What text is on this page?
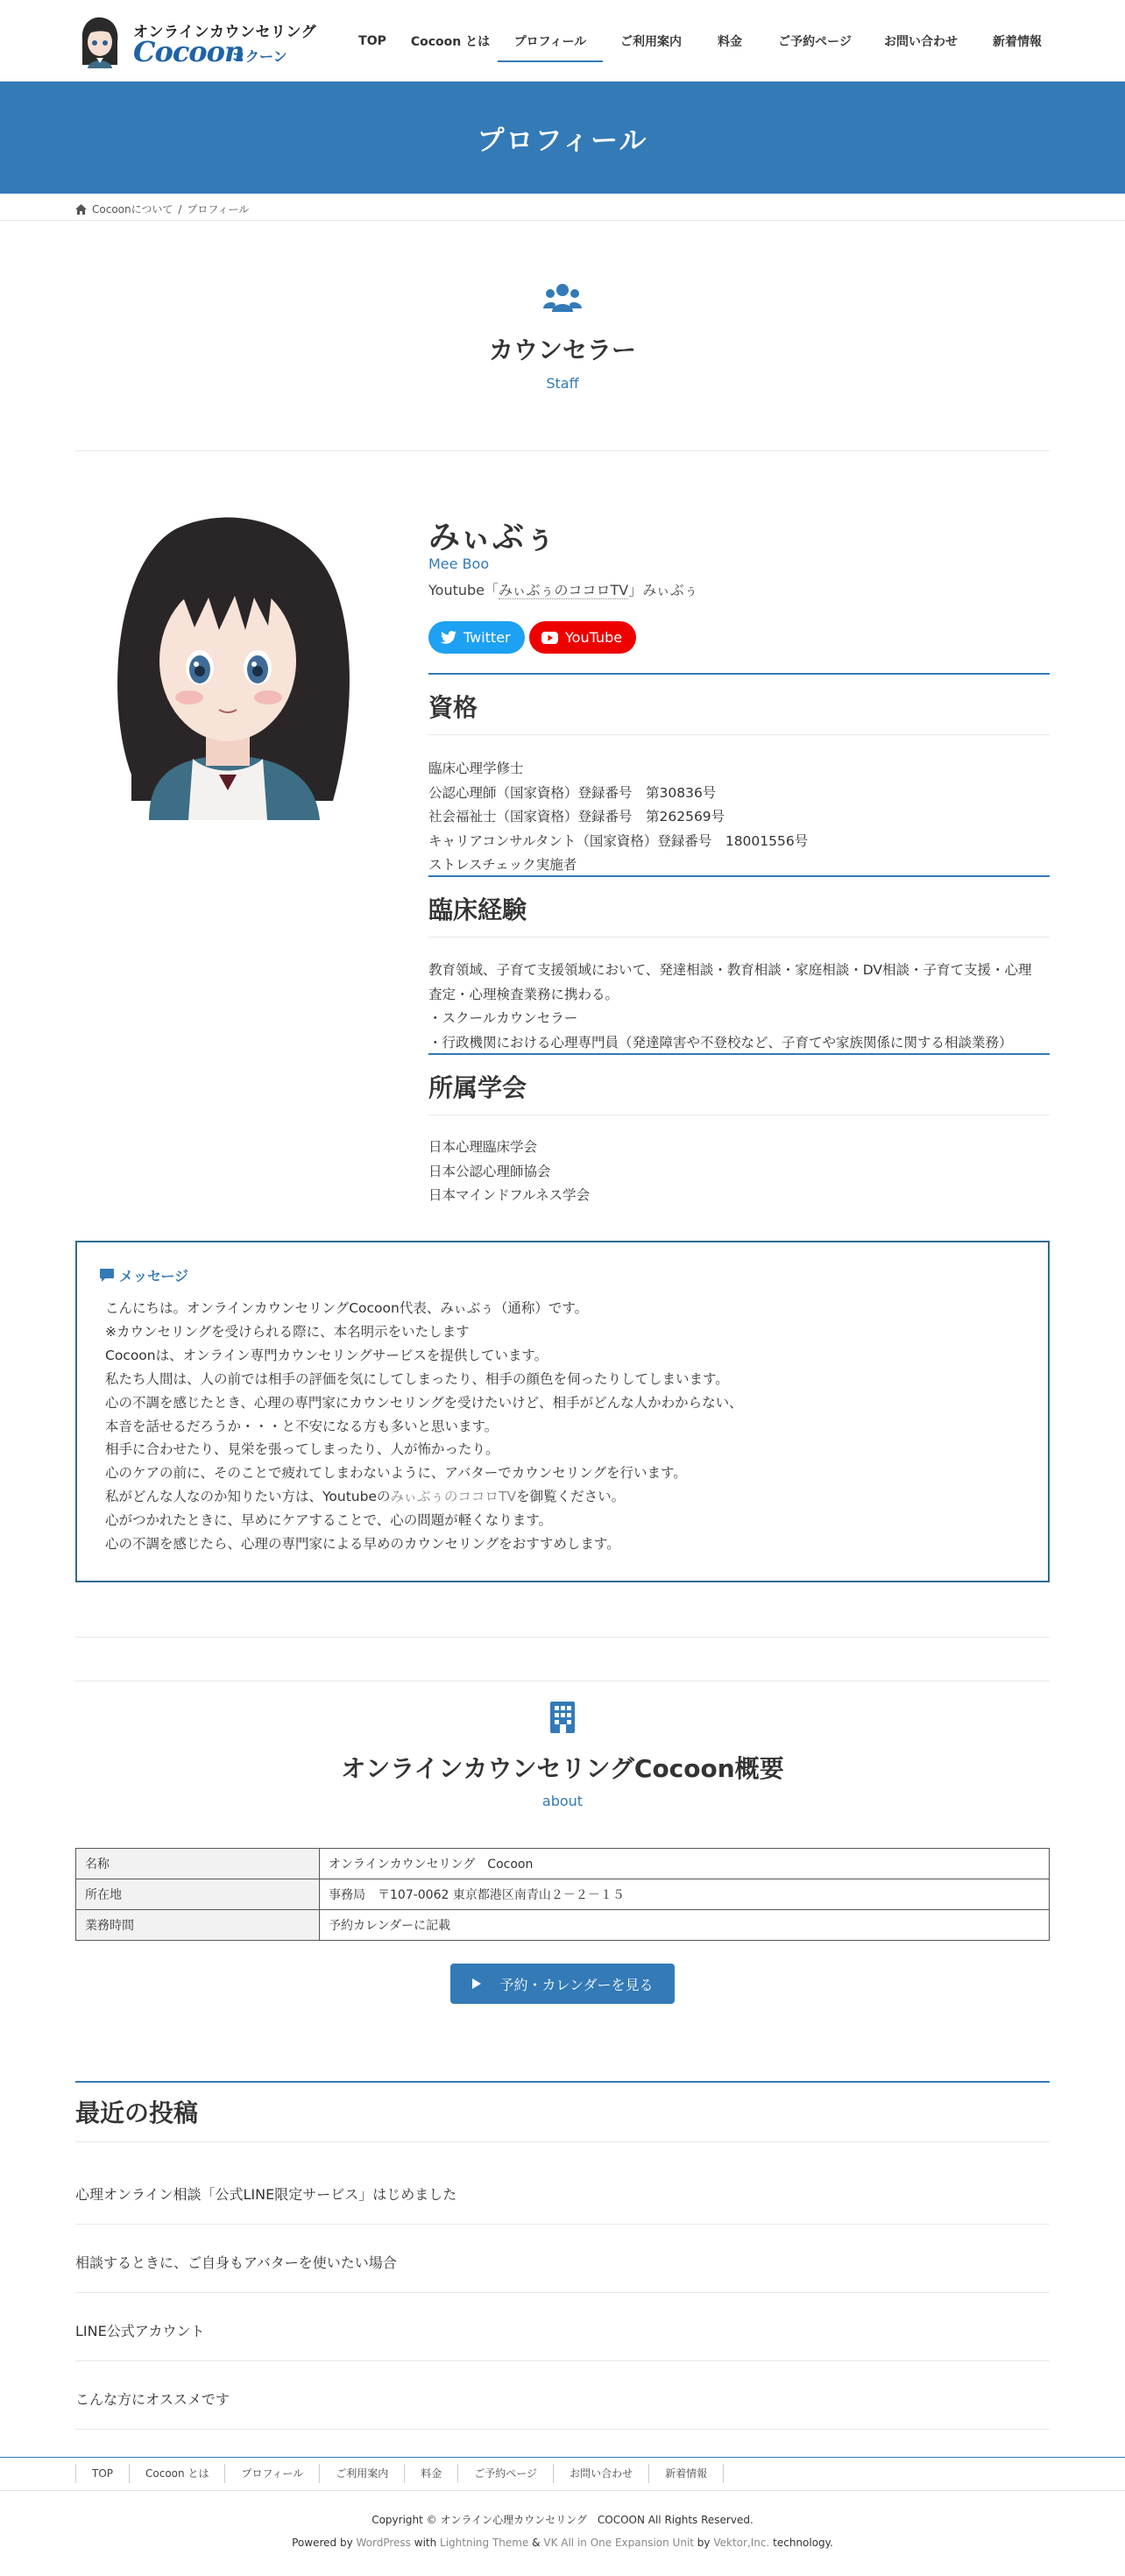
オンラインカウンセリング
Cocoon
コクーン
TOP	Cocoon とは	プロフィール	ご利用案内	料金	ご予約ページ	お問い合わせ	新着情報
プロフィール
Cocoonについて / プロフィール
カウンセラー
Staff
みぃぶぅ
Mee Boo
Youtube「みぃぶぅのココロTV」みぃぶぅ
Twitter	YouTube
資格
臨床心理学修士
公認心理師（国家資格）登録番号　第30836号
社会福祉士（国家資格）登録番号　第262569号
キャリアコンサルタント（国家資格）登録番号　18001556号
ストレスチェック実施者
臨床経験
教育領域、子育て支援領域において、発達相談・教育相談・家庭相談・DV相談・子育て支援・心理
査定・心理検査業務に携わる。
・スクールカウンセラー
・行政機関における心理専門員（発達障害や不登校など、子育てや家族関係に関する相談業務）
所属学会
日本心理臨床学会
日本公認心理師協会
日本マインドフルネス学会
メッセージ
こんにちは。オンラインカウンセリングCocoon代表、みぃぶぅ（通称）です。
※カウンセリングを受けられる際に、本名明示をいたします
Cocoonは、オンライン専門カウンセリングサービスを提供しています。
私たち人間は、人の前では相手の評価を気にしてしまったり、相手の顔色を伺ったりしてしまいます。
心の不調を感じたとき、心理の専門家にカウンセリングを受けたいけど、相手がどんな人かわからない、
本音を話せるだろうか・・・と不安になる方も多いと思います。
相手に合わせたり、見栄を張ってしまったり、人が怖かったり。
心のケアの前に、そのことで疲れてしまわないように、アバターでカウンセリングを行います。
私がどんな人なのか知りたい方は、YoutubeのみぃぶぅのココロTVを御覧ください。
心がつかれたときに、早めにケアすることで、心の問題が軽くなります。
心の不調を感じたら、心理の専門家による早めのカウンセリングをおすすめします。
オンラインカウンセリングCocoon概要
about
名称	オンラインカウンセリング　Cocoon
所在地	事務局　〒107-0062 東京都港区南青山２－２－１５
業務時間	予約カレンダーに記載
予約・カレンダーを見る
最近の投稿
心理オンライン相談「公式LINE限定サービス」はじめました
相談するときに、ご自身もアバターを使いたい場合
LINE公式アカウント
こんな方にオススメです
TOP	Cocoon とは	プロフィール	ご利用案内	料金	ご予約ページ	お問い合わせ	新着情報
Copyright © オンライン心理カウンセリング　COCOON All Rights Reserved.
Powered by WordPress with Lightning Theme & VK All in One Expansion Unit by Vektor,Inc. technology.
